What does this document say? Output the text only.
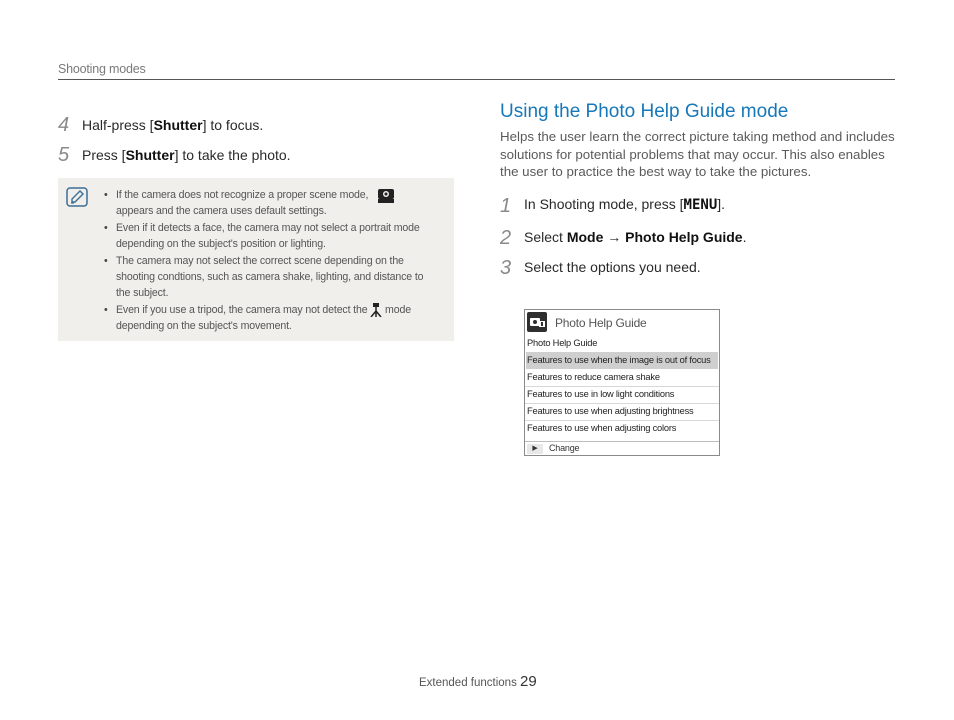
Shooting modes
4 Half-press [Shutter] to focus.
5 Press [Shutter] to take the photo.
• If the camera does not recognize a proper scene mode,

appears and the camera uses default settings.
• Even if it detects a face, the camera may not select a portrait mode depending on the subject's position or lighting.
• The camera may not select the correct scene depending on the shooting condtions, such as camera shake, lighting, and distance to the subject.
• Even if you use a tripod, the camera may not detect the mode depending on the subject's movement.
Using the Photo Help Guide mode
Helps the user learn the correct picture taking method and includes solutions for potential problems that may occur. This also enables the user to practice the best way to take the pictures.
1 In Shooting mode, press [MENU].
2 Select Mode → Photo Help Guide.
3 Select the options you need.
Photo Help Guide
Photo Help Guide
Features to use when the image is out of focus
Features to reduce camera shake
Features to use in low light conditions
Features to use when adjusting brightness
Features to use when adjusting colors
▶	Change
Extended functions 29
